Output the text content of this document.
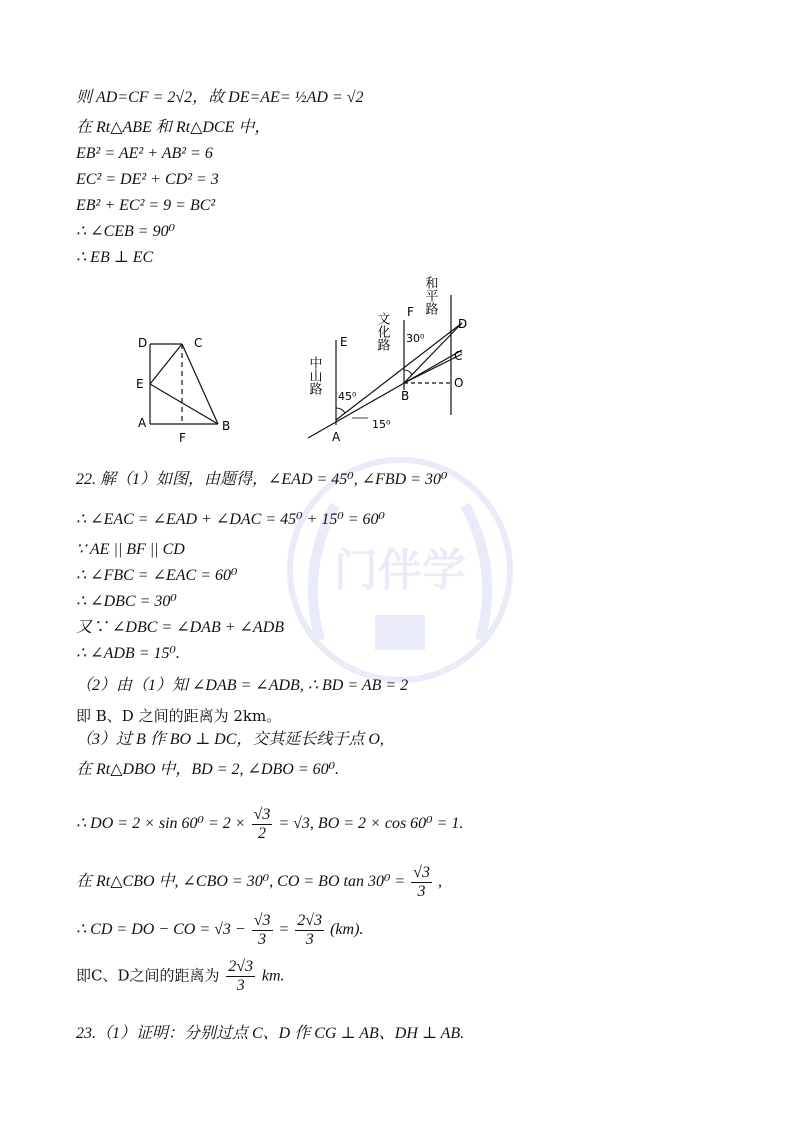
门伴学
则 AD=CF = 2√2，故 DE=AE= ½AD = √2
在 Rt△ABE 和 Rt△DCE 中，
EB² = AE² + AB² = 6
EC² = DE² + CD² = 3
EB² + EC² = 9 = BC²
∴ ∠CEB = 90⁰
∴ EB ⊥ EC
D	C
E
A
F
B
中山路
文化路
和平路
45⁰
30⁰
15⁰
A
B
C
D
E
F
O
22. 解（1）如图，由题得，∠EAD = 45⁰, ∠FBD = 30⁰
∴ ∠EAC = ∠EAD + ∠DAC = 45⁰ + 15⁰ = 60⁰
∵ AE || BF || CD
∴ ∠FBC = ∠EAC = 60⁰
∴ ∠DBC = 30⁰
又∵ ∠DBC = ∠DAB + ∠ADB
∴ ∠ADB = 15⁰.
（2）由（1）知 ∠DAB = ∠ADB, ∴ BD = AB = 2
即 B、D 之间的距离为 2km。
（3）过 B 作 BO ⊥ DC，交其延长线于点 O,
在 Rt△DBO 中，BD = 2, ∠DBO = 60⁰.
∴ DO = $2 \times \sin 60^0 = 2 \times \frac{√3}{2} = √3$, BO = 2 × cos 60⁰ = 1.
在 Rt△CBO 中, ∠CBO = 30⁰, CO = BO $\tan 30^0 = \frac{√3}{3}$ ,
∴ CD = DO − CO = $√3 - \frac{√3}{3} = \frac{2√3}{3} (km)$.
即C、D之间的距离为 $\frac{2√3}{3}$ km.
23.（1）证明：分别过点 C、D 作 CG ⊥ AB、DH ⊥ AB.
